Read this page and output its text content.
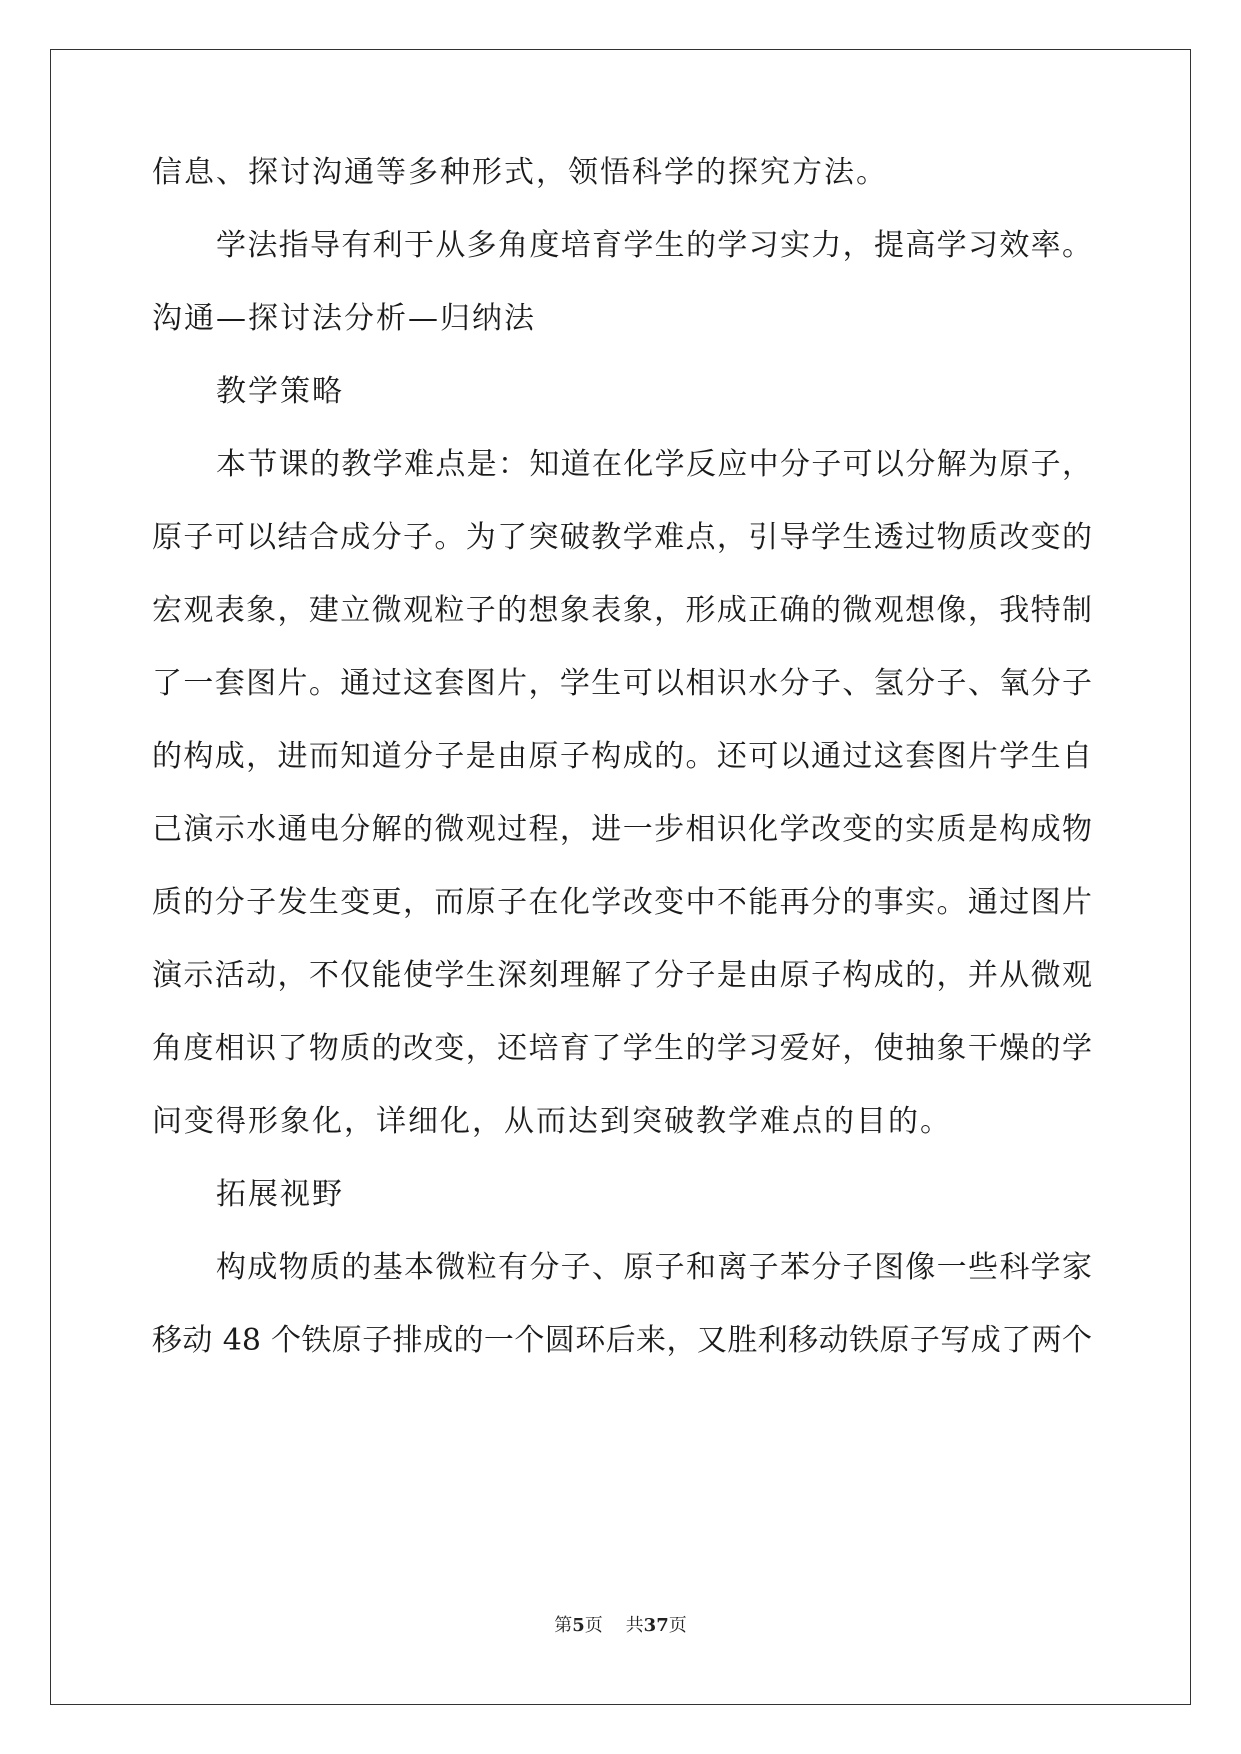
信息、探讨沟通等多种形式，领悟科学的探究方法。
学法指导有利于从多角度培育学生的学习实力，提高学习效率。
沟通—探讨法分析—归纳法
教学策略
本节课的教学难点是：知道在化学反应中分子可以分解为原子，
原子可以结合成分子。为了突破教学难点，引导学生透过物质改变的
宏观表象，建立微观粒子的想象表象，形成正确的微观想像，我特制
了一套图片。通过这套图片，学生可以相识水分子、氢分子、氧分子
的构成，进而知道分子是由原子构成的。还可以通过这套图片学生自
己演示水通电分解的微观过程，进一步相识化学改变的实质是构成物
质的分子发生变更，而原子在化学改变中不能再分的事实。通过图片
演示活动，不仅能使学生深刻理解了分子是由原子构成的，并从微观
角度相识了物质的改变，还培育了学生的学习爱好，使抽象干燥的学
问变得形象化，详细化，从而达到突破教学难点的目的。
拓展视野
构成物质的基本微粒有分子、原子和离子苯分子图像一些科学家
移动 48 个铁原子排成的一个圆环后来，又胜利移动铁原子写成了两个
第5页 共37页
